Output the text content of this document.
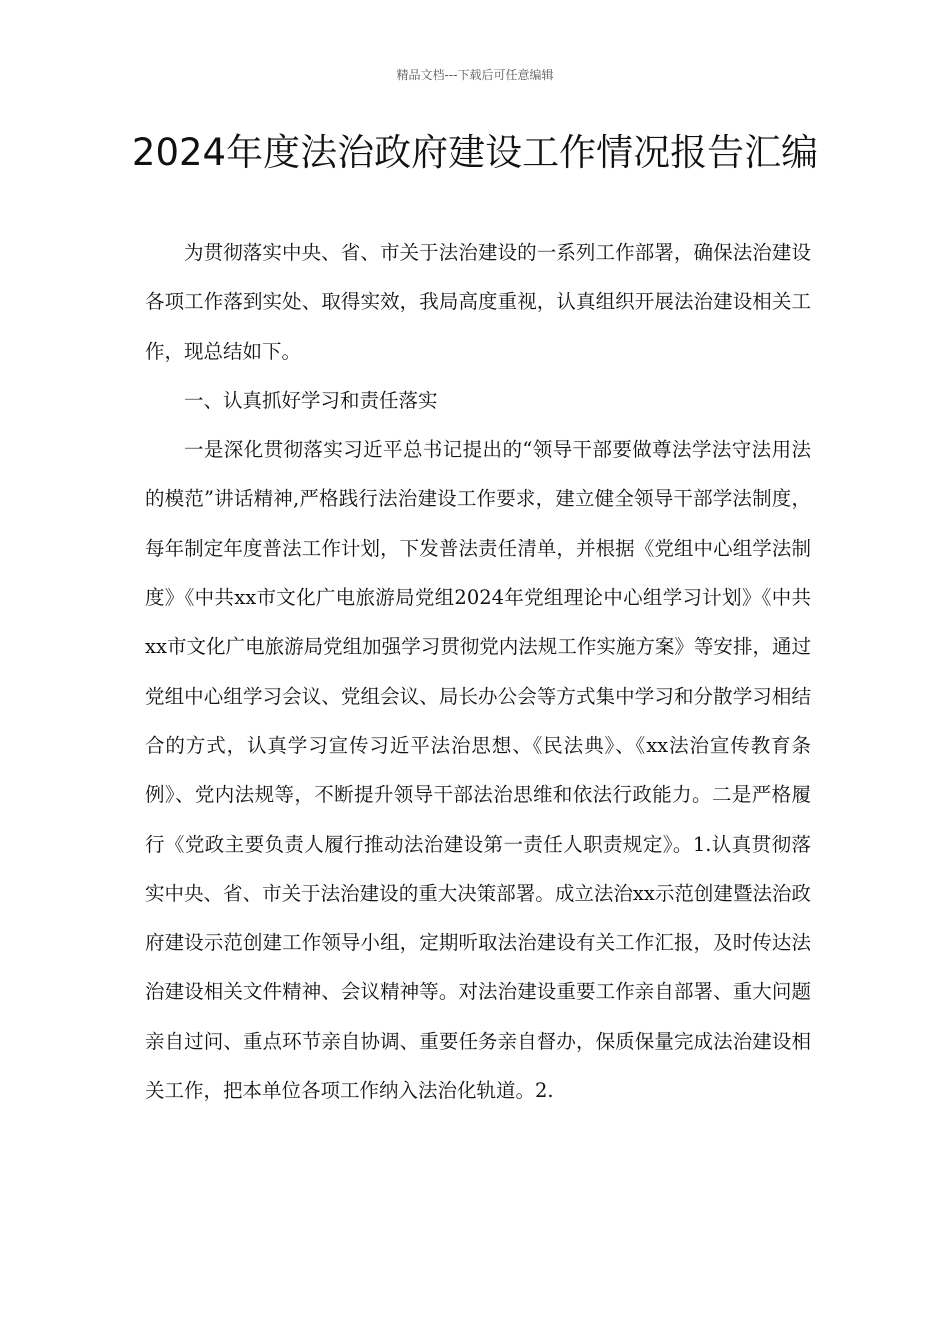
精品文档---下载后可任意编辑
2024年度法治政府建设工作情况报告汇编

为贯彻落实中央、省、市关于法治建设的一系列工作部署，确保法治建设各项工作落到实处、取得实效，我局高度重视，认真组织开展法治建设相关工作，现总结如下。

一、认真抓好学习和责任落实

一是深化贯彻落实习近平总书记提出的“领导干部要做尊法学法守法用法的模范”讲话精神,严格践行法治建设工作要求，建立健全领导干部学法制度，每年制定年度普法工作计划，下发普法责任清单，并根据《党组中心组学法制度》《中共xx市文化广电旅游局党组2024年党组理论中心组学习计划》《中共xx市文化广电旅游局党组加强学习贯彻党内法规工作实施方案》等安排，通过党组中心组学习会议、党组会议、局长办公会等方式集中学习和分散学习相结合的方式，认真学习宣传习近平法治思想、《民法典》、《xx法治宣传教育条例》、党内法规等，不断提升领导干部法治思维和依法行政能力。二是严格履行《党政主要负责人履行推动法治建设第一责任人职责规定》。1.认真贯彻落实中央、省、市关于法治建设的重大决策部署。成立法治xx示范创建暨法治政府建设示范创建工作领导小组，定期听取法治建设有关工作汇报，及时传达法治建设相关文件精神、会议精神等。对法治建设重要工作亲自部署、重大问题亲自过问、重点环节亲自协调、重要任务亲自督办，保质保量完成法治建设相关工作，把本单位各项工作纳入法治化轨道。2.
